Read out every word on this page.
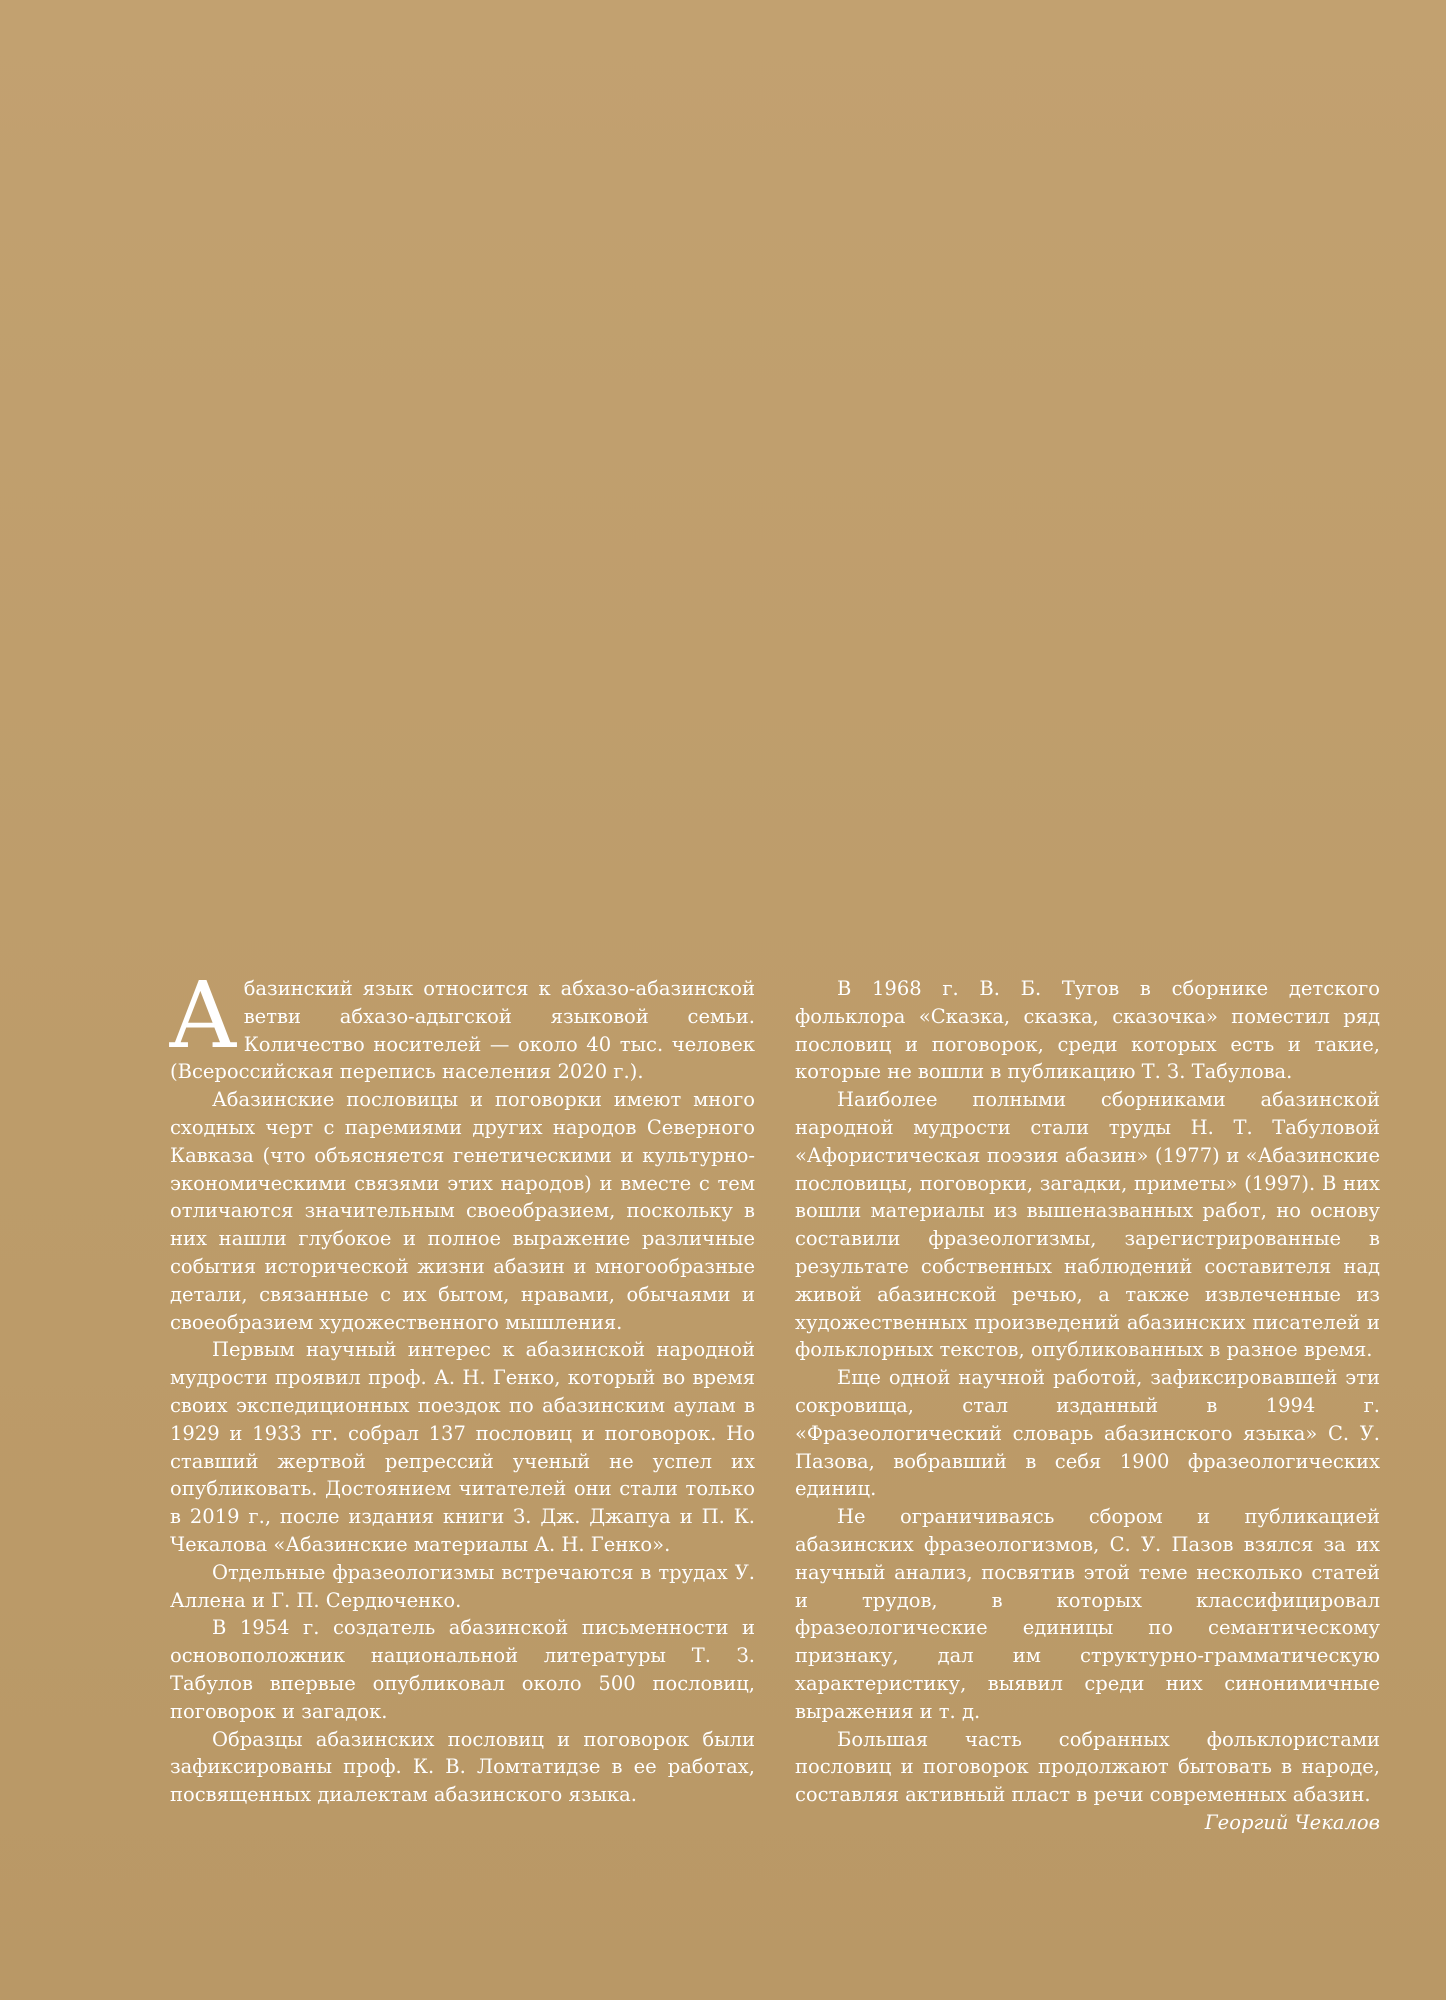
Абазинский язык относится к абхазо-абазинской ветви абхазо-адыгской языковой семьи. Количество носителей — около 40 тыс. человек (Всероссийская перепись населения 2020 г.).

Абазинские пословицы и поговорки имеют много сходных черт с паремиями других народов Северного Кавказа (что объясняется генетическими и культурно-экономическими связями этих народов) и вместе с тем отличаются значительным своеобразием, поскольку в них нашли глубокое и полное выражение различные события исторической жизни абазин и многообразные детали, связанные с их бытом, нравами, обычаями и своеобразием художественного мышления.

Первым научный интерес к абазинской народной мудрости проявил проф. А. Н. Генко, который во время своих экспедиционных поездок по абазинским аулам в 1929 и 1933 гг. собрал 137 пословиц и поговорок. Но ставший жертвой репрессий ученый не успел их опубликовать. Достоянием читателей они стали только в 2019 г., после издания книги З. Дж. Джапуа и П. К. Чекалова «Абазинские материалы А. Н. Генко».

Отдельные фразеологизмы встречаются в трудах У. Аллена и Г. П. Сердюченко.

В 1954 г. создатель абазинской письменности и основоположник национальной литературы Т. З. Табулов впервые опубликовал около 500 пословиц, поговорок и загадок.

Образцы абазинских пословиц и поговорок были зафиксированы проф. К. В. Ломтатидзе в ее работах, посвященных диалектам абазинского языка.

В 1968 г. В. Б. Тугов в сборнике детского фольклора «Сказка, сказка, сказочка» поместил ряд пословиц и поговорок, среди которых есть и такие, которые не вошли в публикацию Т. З. Табулова.

Наиболее полными сборниками абазинской народной мудрости стали труды Н. Т. Табуловой «Афористическая поэзия абазин» (1977) и «Абазинские пословицы, поговорки, загадки, приметы» (1997). В них вошли материалы из вышеназванных работ, но основу составили фразеологизмы, зарегистрированные в результате собственных наблюдений составителя над живой абазинской речью, а также извлеченные из художественных произведений абазинских писателей и фольклорных текстов, опубликованных в разное время.

Еще одной научной работой, зафиксировавшей эти сокровища, стал изданный в 1994 г. «Фразеологический словарь абазинского языка» С. У. Пазова, вобравший в себя 1900 фразеологических единиц.

Не ограничиваясь сбором и публикацией абазинских фразеологизмов, С. У. Пазов взялся за их научный анализ, посвятив этой теме несколько статей и трудов, в которых классифицировал фразеологические единицы по семантическому признаку, дал им структурно-грамматическую характеристику, выявил среди них синонимичные выражения и т. д.

Большая часть собранных фольклористами пословиц и поговорок продолжают бытовать в народе, составляя активный пласт в речи современных абазин.

Георгий Чекалов
